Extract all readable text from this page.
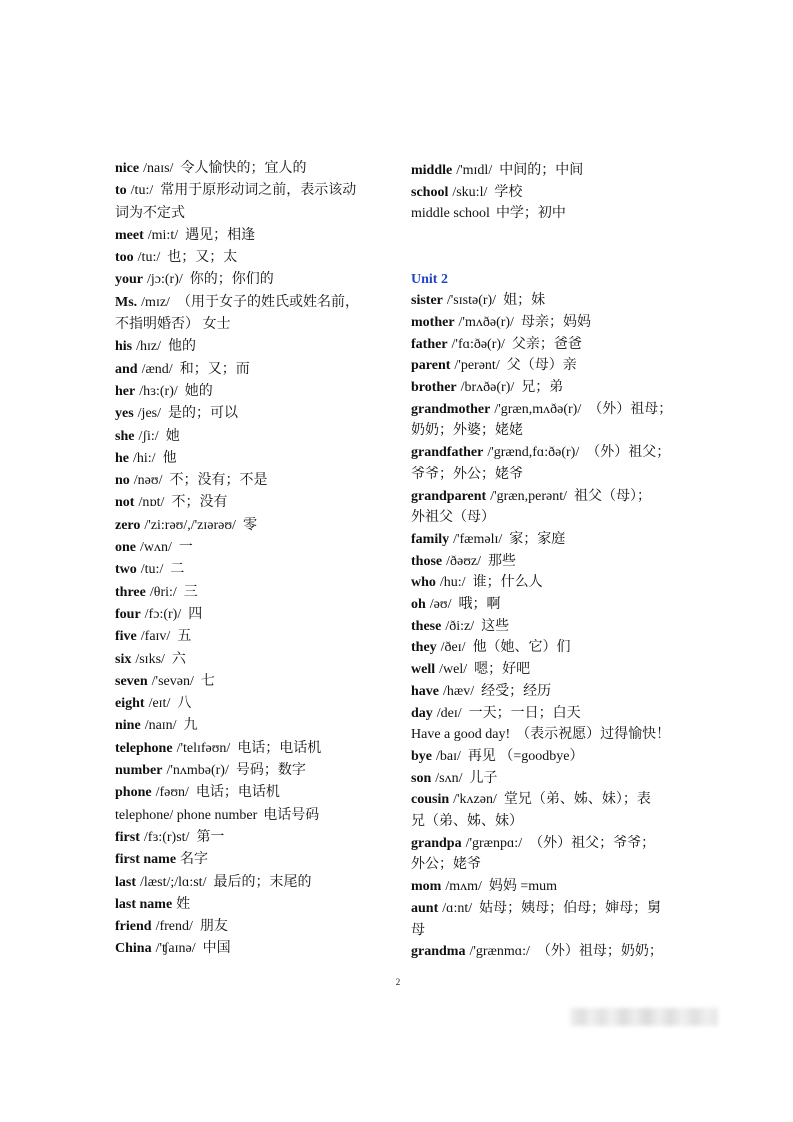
nice /naɪs/ 令人愉快的；宜人的
to /tu:/ 常用于原形动词之前，表示该动
词为不定式
meet /mi:t/ 遇见；相逢
too /tu:/ 也；又；太
your /jɔ:(r)/ 你的；你们的
Ms. /mɪz/ （用于女子的姓氏或姓名前，
不指明婚否） 女士
his /hɪz/ 他的
and /ænd/ 和；又；而
her /hɜ:(r)/ 她的
yes /jes/ 是的；可以
she /ʃi:/ 她
he /hi:/ 他
no /nəʊ/ 不；没有；不是
not /nɒt/ 不；没有
zero /'zi:rəʊ/,/'zɪərəʊ/ 零
one /wʌn/ 一
two /tu:/ 二
three /θri:/ 三
four /fɔ:(r)/ 四
five /faɪv/ 五
six /sɪks/ 六
seven /'sevən/ 七
eight /eɪt/ 八
nine /naɪn/ 九
telephone /'telɪfəʊn/ 电话；电话机
number /'nʌmbə(r)/ 号码；数字
phone /fəʊn/ 电话；电话机
telephone/ phone number 电话号码
first /fɜ:(r)st/ 第一
first name 名字
last /læst/;/lɑ:st/ 最后的；末尾的
last name 姓
friend /frend/ 朋友
China /'ʧaɪnə/ 中国
middle /'mɪdl/ 中间的；中间
school /sku:l/ 学校
middle school 中学；初中
Unit 2
sister /'sɪstə(r)/ 姐；妹
mother /'mʌðə(r)/ 母亲；妈妈
father /'fɑ:ðə(r)/ 父亲；爸爸
parent /'perənt/ 父（母）亲
brother /brʌðə(r)/ 兄；弟
grandmother /'græn,mʌðə(r)/ （外）祖母；
奶奶；外婆；姥姥
grandfather /'grænd,fɑ:ðə(r)/ （外）祖父；
爷爷；外公；姥爷
grandparent /'græn,perənt/ 祖父（母）；
外祖父（母）
family /'fæməlɪ/ 家；家庭
those /ðəʊz/ 那些
who /hu:/ 谁；什么人
oh /əʊ/ 哦；啊
these /ði:z/ 这些
they /ðeɪ/ 他（她、它）们
well /wel/ 嗯；好吧
have /hæv/ 经受；经历
day /deɪ/ 一天；一日；白天
Have a good day! （表示祝愿）过得愉快！
bye /baɪ/ 再见 （=goodbye）
son /sʌn/ 儿子
cousin /'kʌzən/ 堂兄（弟、姊、妹）；表
兄（弟、姊、妹）
grandpa /'grænpɑ:/ （外）祖父；爷爷；
外公；姥爷
mom /mʌm/ 妈妈 =mum
aunt /ɑ:nt/ 姑母；姨母；伯母；婶母；舅
母
grandma /'grænmɑ:/ （外）祖母；奶奶；
2
